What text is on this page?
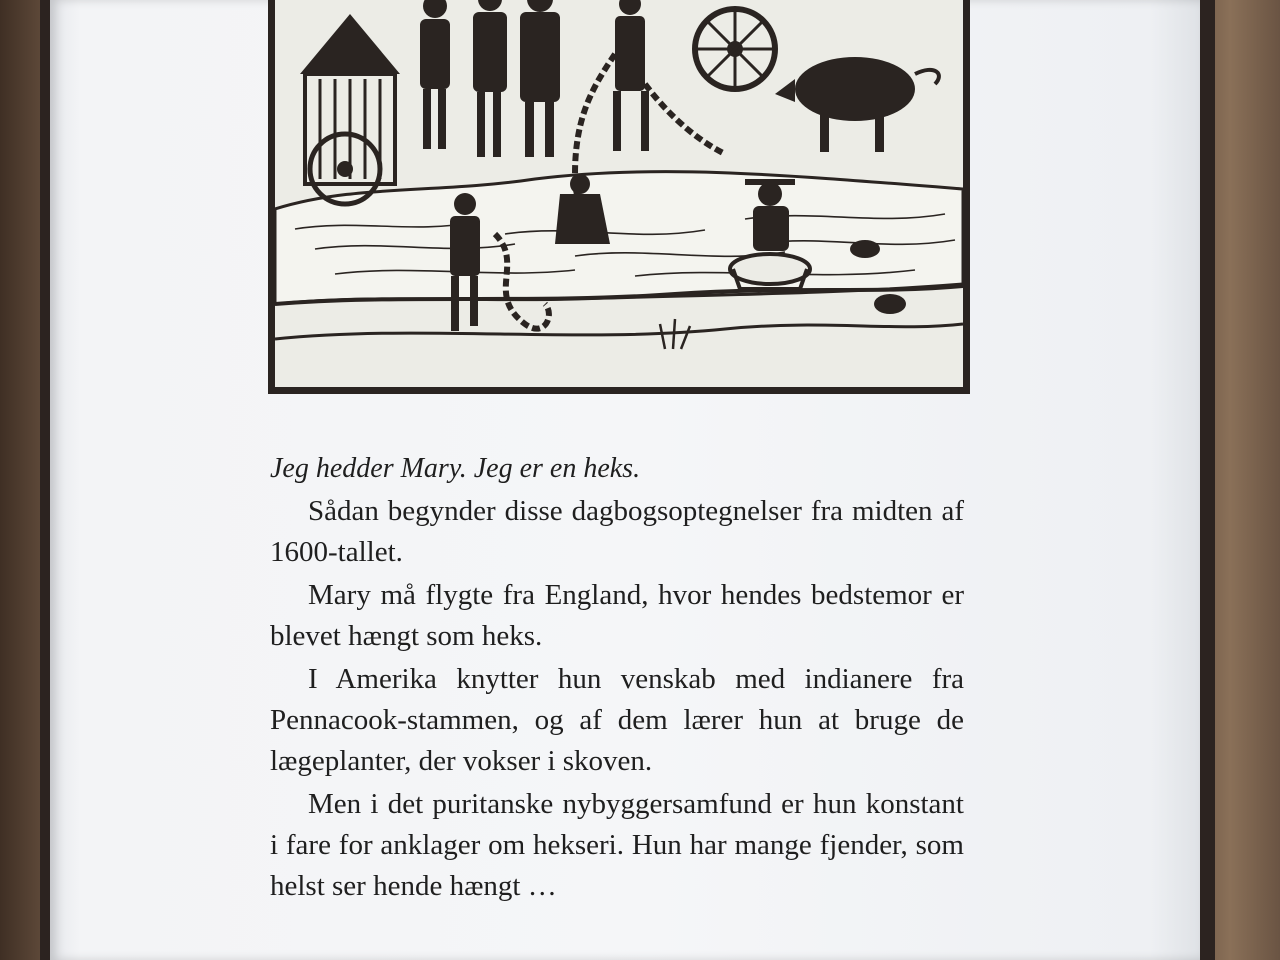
Jeg hedder Mary. Jeg er en heks.

Sådan begynder disse dagbogsoptegnelser fra midten af 1600-tallet.

Mary må flygte fra England, hvor hendes bedstemor er blevet hængt som heks.

I Amerika knytter hun venskab med indianere fra Pennacook-stammen, og af dem lærer hun at bruge de lægeplanter, der vokser i skoven.

Men i det puritanske nybyggersamfund er hun konstant i fare for anklager om hekseri. Hun har mange fjender, som helst ser hende hængt …
